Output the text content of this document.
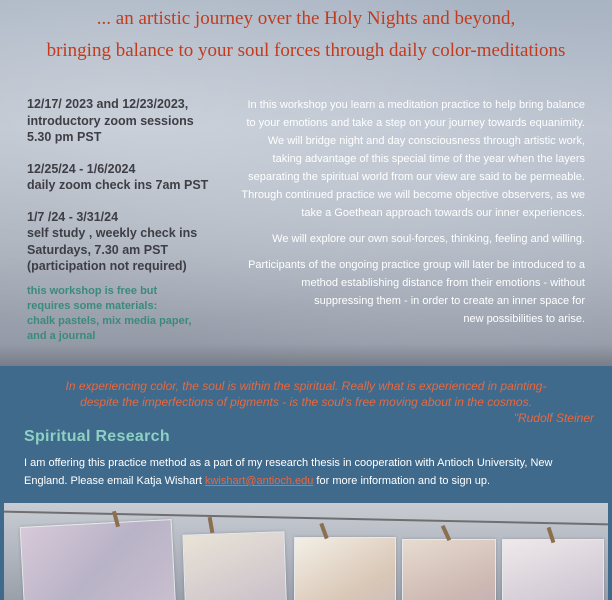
... an artistic journey over the Holy Nights and beyond,
bringing balance to your soul forces through daily color-meditations
12/17/ 2023 and 12/23/2023,
introductory zoom sessions
5.30 pm PST
12/25/24 - 1/6/2024
daily zoom check ins 7am PST
1/7 /24 - 3/31/24
self study , weekly check ins
Saturdays, 7.30 am PST
(participation not required)
this workshop is free but
requires some materials:
chalk pastels, mix media paper,
and a journal

In this workshop you learn a meditation practice to help bring balance
to your emotions and take a step on your journey towards equanimity.
We will bridge night and day consciousness through artistic work,
taking advantage of this special time of the year when the layers
separating the spiritual world from our view are said to be permeable.
Through continued practice we will become objective observers, as we
take a Goethean approach towards our inner experiences.

We will explore our own soul-forces, thinking, feeling and willing.

Participants of the ongoing practice group will later be introduced to a
method establishing distance from their emotions - without
suppressing them - in order to create an inner space for
new possibilities to arise.

In experiencing color, the soul is within the spiritual. Really what is experienced in painting-
despite the imperfections of pigments - is the soul's free moving about in the cosmos.
"Rudolf Steiner
Spiritual Research
I am offering this practice method as a part of my research thesis in cooperation with Antioch University, New England. Please email Katja Wishart kwishart@antioch.edu for more information and to sign up.
